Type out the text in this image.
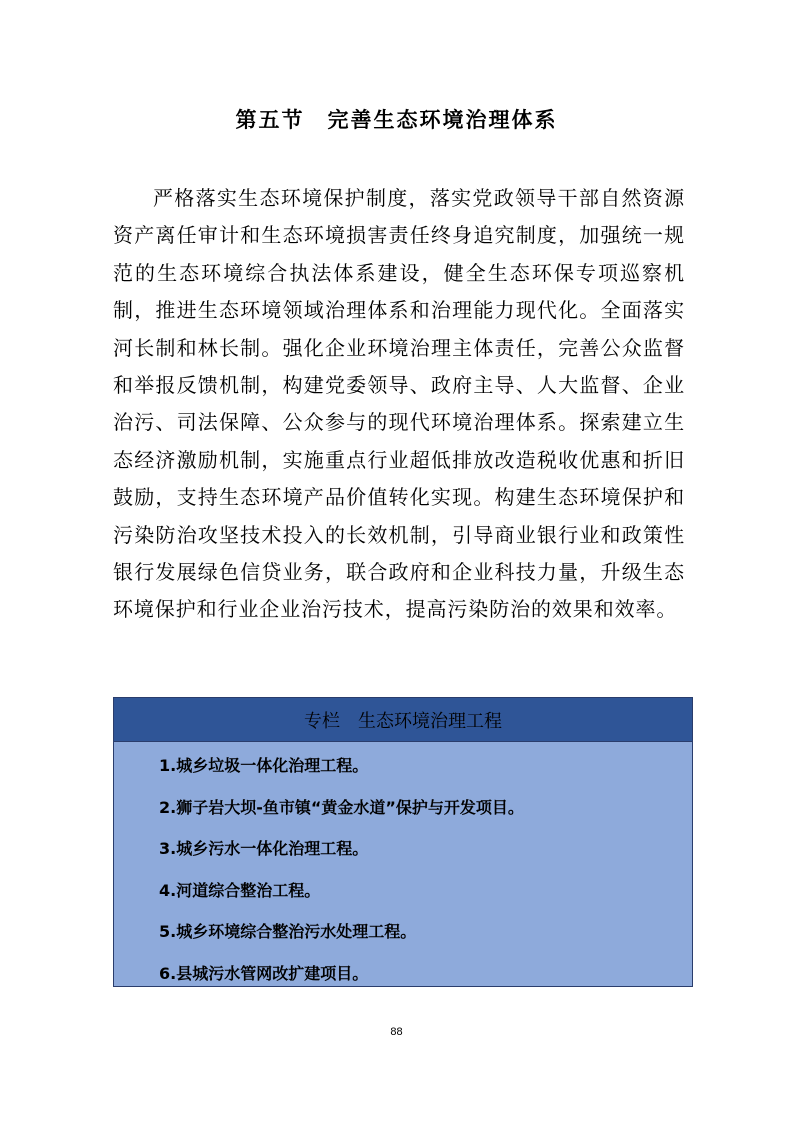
第五节　完善生态环境治理体系
严格落实生态环境保护制度，落实党政领导干部自然资源资产离任审计和生态环境损害责任终身追究制度，加强统一规范的生态环境综合执法体系建设，健全生态环保专项巡察机制，推进生态环境领域治理体系和治理能力现代化。全面落实河长制和林长制。强化企业环境治理主体责任，完善公众监督和举报反馈机制，构建党委领导、政府主导、人大监督、企业治污、司法保障、公众参与的现代环境治理体系。探索建立生态经济激励机制，实施重点行业超低排放改造税收优惠和折旧鼓励，支持生态环境产品价值转化实现。构建生态环境保护和污染防治攻坚技术投入的长效机制，引导商业银行业和政策性银行发展绿色信贷业务，联合政府和企业科技力量，升级生态环境保护和行业企业治污技术，提高污染防治的效果和效率。
专栏　生态环境治理工程
1.城乡垃圾一体化治理工程。
2.狮子岩大坝-鱼市镇“黄金水道”保护与开发项目。
3.城乡污水一体化治理工程。
4.河道综合整治工程。
5.城乡环境综合整治污水处理工程。
6.县城污水管网改扩建项目。
88
